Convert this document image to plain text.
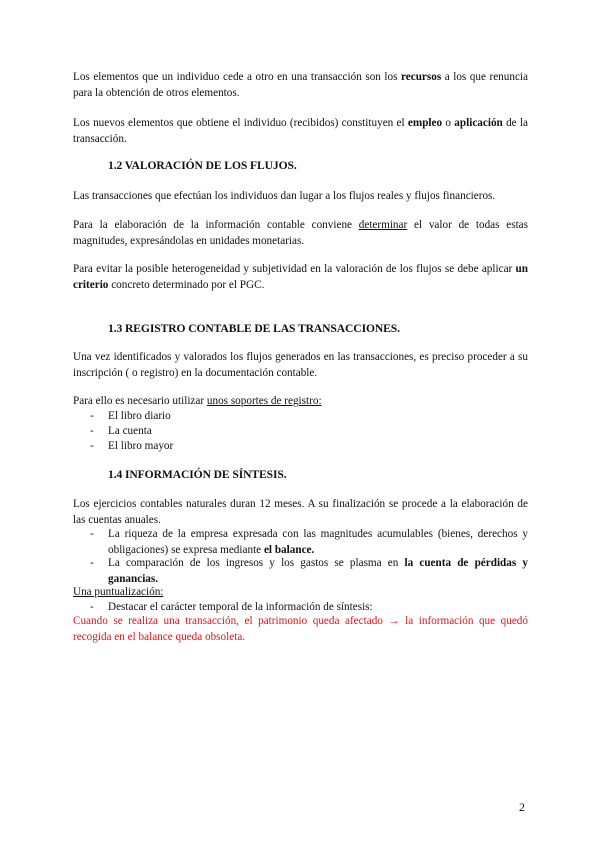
Los elementos que un individuo cede a otro en una transacción son los recursos a los que renuncia para la obtención de otros elementos.

Los nuevos elementos que obtiene el individuo (recibidos) constituyen el empleo o aplicación de la transacción.

1.2 VALORACIÓN DE LOS FLUJOS.

Las transacciones que efectúan los individuos dan lugar a los flujos reales y flujos financieros.

Para la elaboración de la información contable conviene determinar el valor de todas estas magnitudes, expresándolas en unidades monetarias.

Para evitar la posible heterogeneidad y subjetividad en la valoración de los flujos se debe aplicar un criterio concreto determinado por el PGC.

1.3 REGISTRO CONTABLE DE LAS TRANSACCIONES.

Una vez identificados y valorados los flujos generados en las transacciones, es preciso proceder a su inscripción ( o registro) en la documentación contable.

Para ello es necesario utilizar unos soportes de registro:

- El libro diario

- La cuenta

- El libro mayor

1.4 INFORMACIÓN DE SÍNTESIS.

Los ejercicios contables naturales duran 12 meses. A su finalización se procede a la elaboración de las cuentas anuales.

- La riqueza de la empresa expresada con las magnitudes acumulables (bienes, derechos y obligaciones) se expresa mediante el balance.

- La comparación de los ingresos y los gastos se plasma en la cuenta de pérdidas y ganancias.

Una puntualización:

- Destacar el carácter temporal de la información de síntesis:

Cuando se realiza una transacción, el patrimonio queda afectado → la información que quedó recogida en el balance queda obsoleta.

2
